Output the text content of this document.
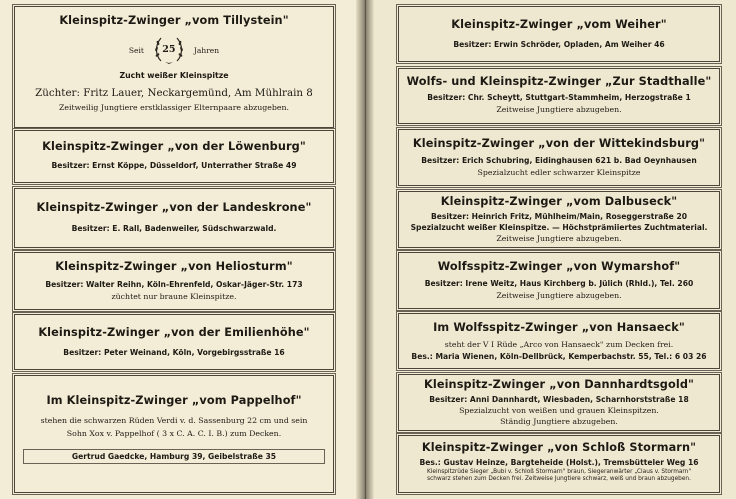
Kleinspitz-Zwinger „vom Tillystein"
Seit	25	Jahren
Zucht weißer Kleinspitze
Züchter: Fritz Lauer, Neckargemünd, Am Mühlrain 8
Zeitweilig Jungtiere erstklassiger Elternpaare abzugeben.
Kleinspitz-Zwinger „von der Löwenburg"
Besitzer: Ernst Köppe, Düsseldorf, Unterrather Straße 49
Kleinspitz-Zwinger „von der Landeskrone"
Besitzer: E. Rall, Badenweiler, Südschwarzwald.
Kleinspitz-Zwinger „von Heliosturm"
Besitzer: Walter Reihn, Köln-Ehrenfeld, Oskar-Jäger-Str. 173
züchtet nur braune Kleinspitze.
Kleinspitz-Zwinger „von der Emilienhöhe"
Besitzer: Peter Weinand, Köln, Vorgebirgsstraße 16
Im Kleinspitz-Zwinger „vom Pappelhof"
stehen die schwarzen Rüden Verdi v. d. Sassenburg 22 cm und sein
Sohn Xox v. Pappelhof ( 3 x C. A. C. I. B.) zum Decken.
Gertrud Gaedcke, Hamburg 39, Geibelstraße 35
Kleinspitz-Zwinger „vom Weiher"
Besitzer: Erwin Schröder, Opladen, Am Weiher 46
Wolfs- und Kleinspitz-Zwinger „Zur Stadthalle"
Besitzer: Chr. Scheytt, Stuttgart-Stammheim, Herzogstraße 1
Zeitweise Jungtiere abzugeben.
Kleinspitz-Zwinger „von der Wittekindsburg"
Besitzer: Erich Schubring, Eidinghausen 621 b. Bad Oeynhausen
Spezialzucht edler schwarzer Kleinspitze
Kleinspitz-Zwinger „vom Dalbuseck"
Besitzer: Heinrich Fritz, Mühlheim/Main, Roseggerstraße 20
Spezialzucht weißer Kleinspitze. — Höchstprämiiertes Zuchtmaterial.
Zeitweise Jungtiere abzugeben.
Wolfsspitz-Zwinger „von Wymarshof"
Besitzer: Irene Weitz, Haus Kirchberg b. Jülich (Rhld.), Tel. 260
Zeitweise Jungtiere abzugeben.
Im Wolfsspitz-Zwinger „von Hansaeck"
steht der V I Rüde „Arco von Hansaeck" zum Decken frei.
Bes.: Maria Wienen, Köln-Dellbrück, Kemperbachstr. 55, Tel.: 6 03 26
Kleinspitz-Zwinger „von Dannhardtsgold"
Besitzer: Anni Dannhardt, Wiesbaden, Scharnhorststraße 18
Spezialzucht von weißen und grauen Kleinspitzen.
Ständig Jungtiere abzugeben.
Kleinspitz-Zwinger „von Schloß Stormarn"
Bes.: Gustav Heinze, Bargteheide (Holst.), Tremsbütteler Weg 16
Kleinspitzrüde Sieger „Bubi v. Schloß Stormarn" braun, Siegeranwärter „Claus v. Stormarn"
schwarz stehen zum Decken frei. Zeitweise Jungtiere schwarz, weiß und braun abzugeben.
